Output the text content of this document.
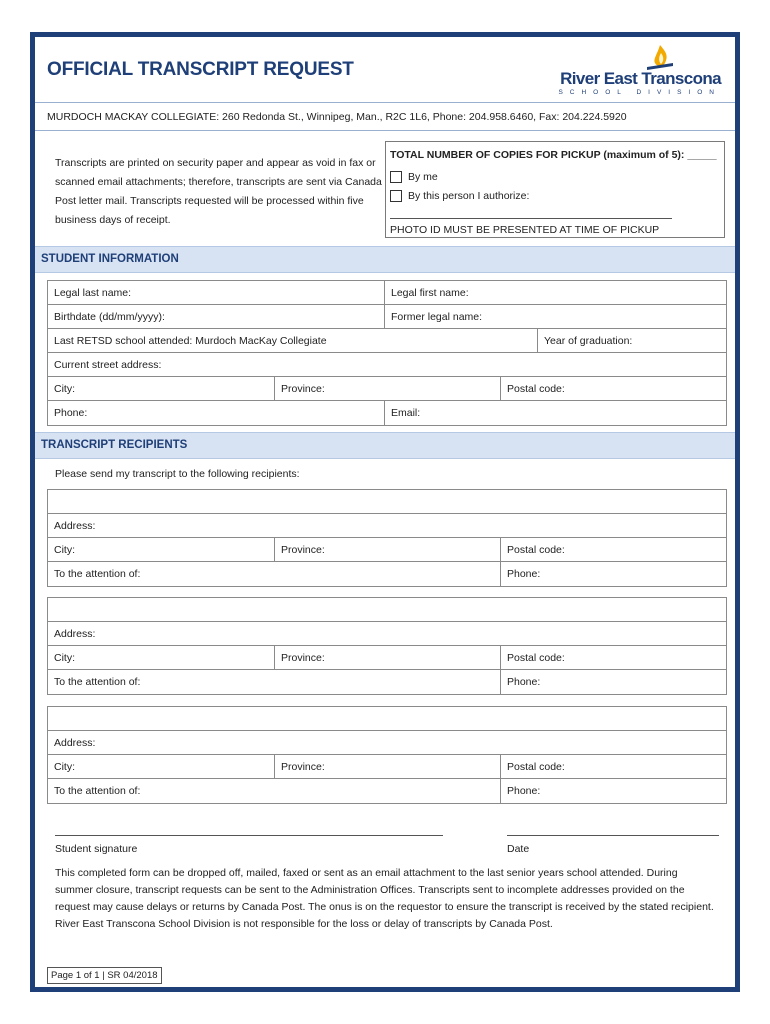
OFFICIAL TRANSCRIPT REQUEST	River East Transcona
SCHOOL DIVISION
MURDOCH MACKAY COLLEGIATE: 260 Redonda St., Winnipeg, Man., R2C 1L6, Phone: 204.958.6460, Fax: 204.224.5920
Transcripts are printed on security paper and appear as void in fax or scanned email attachments; therefore, transcripts are sent via Canada Post letter mail. Transcripts requested will be processed within five business days of receipt.
TOTAL NUMBER OF COPIES FOR PICKUP (maximum of 5): _____
By me
By this person I authorize:
PHOTO ID MUST BE PRESENTED AT TIME OF PICKUP
STUDENT INFORMATION
Legal last name:	Legal first name:
Birthdate (dd/mm/yyyy):	Former legal name:
Last RETSD school attended: Murdoch MacKay Collegiate	Year of graduation:
Current street address:
City:	Province:	Postal code:
Phone:	Email:
TRANSCRIPT RECIPIENTS
Please send my transcript to the following recipients:
Address:
City:	Province:	Postal code:
To the attention of:	Phone:
Address:
City:	Province:	Postal code:
To the attention of:	Phone:
Address:
City:	Province:	Postal code:
To the attention of:	Phone:
Student signature	Date
This completed form can be dropped off, mailed, faxed or sent as an email attachment to the last senior years school attended. During summer closure, transcript requests can be sent to the Administration Offices. Transcripts sent to incomplete addresses provided on the request may cause delays or returns by Canada Post. The onus is on the requestor to ensure the transcript is received by the stated recipient. River East Transcona School Division is not responsible for the loss or delay of transcripts by Canada Post.
Page 1 of 1 | SR 04/2018
